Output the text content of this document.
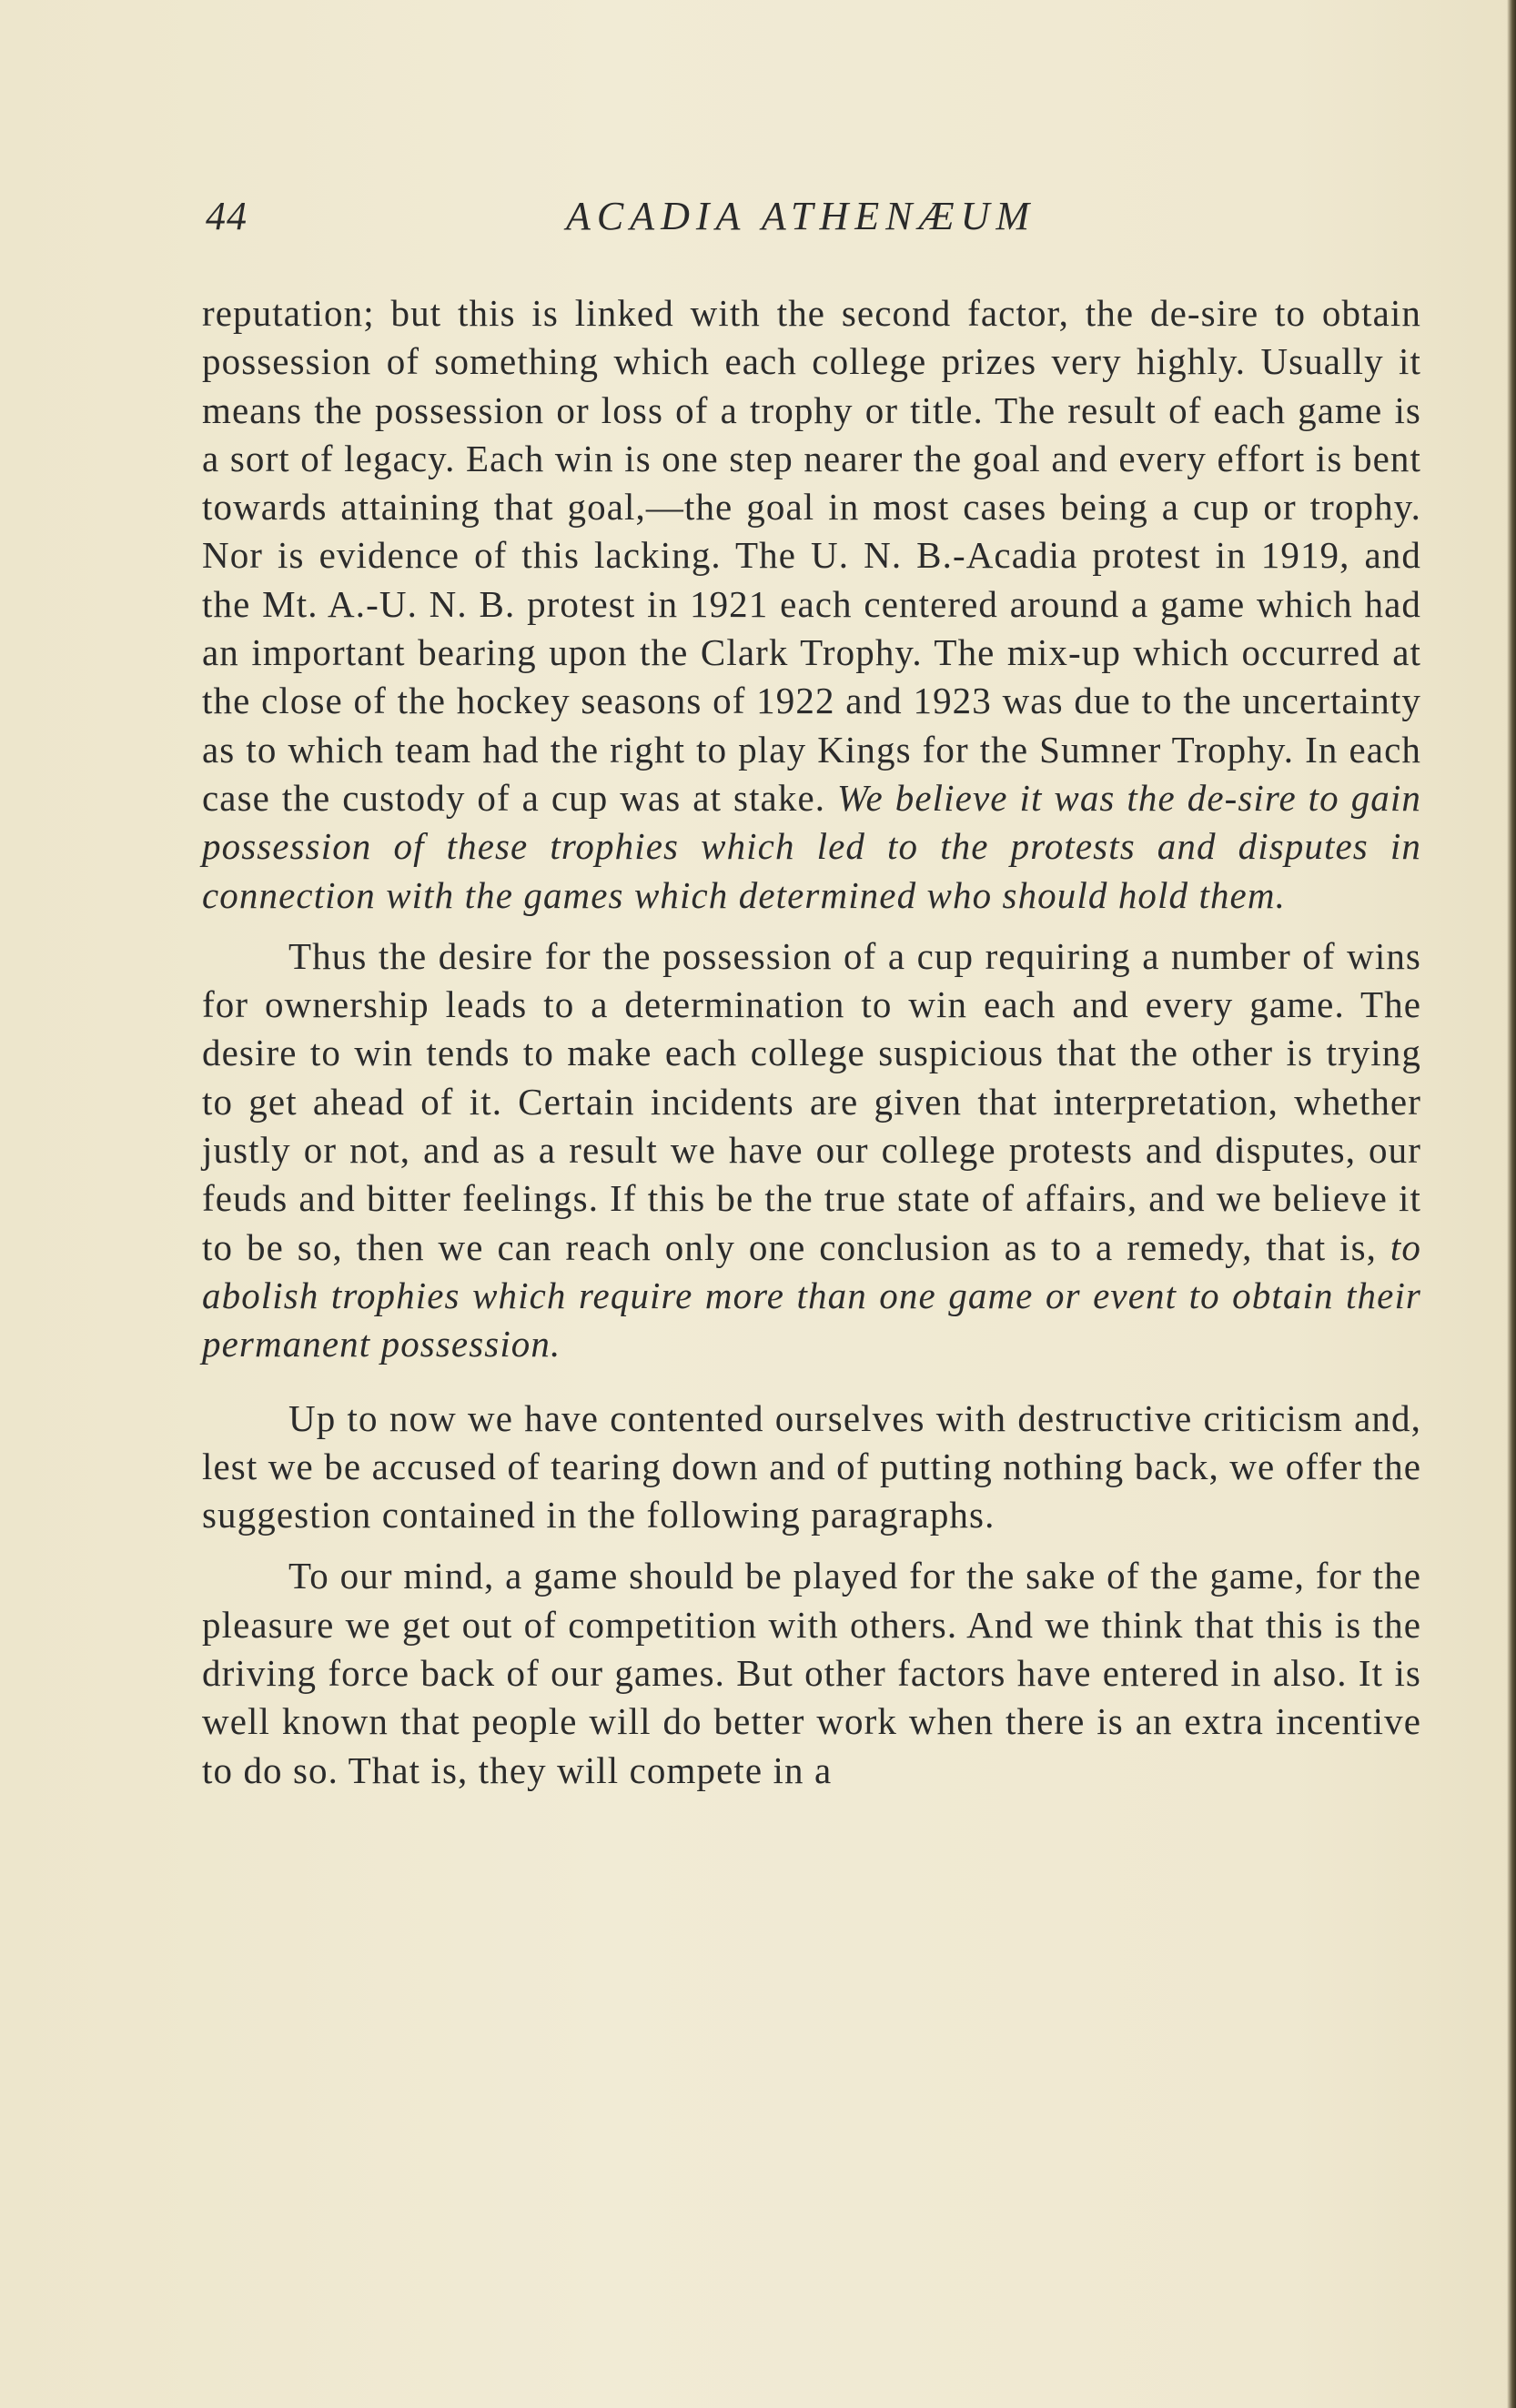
44	ACADIA ATHENÆUM

reputation; but this is linked with the second factor, the de-sire to obtain possession of something which each college prizes very highly. Usually it means the possession or loss of a trophy or title. The result of each game is a sort of legacy. Each win is one step nearer the goal and every effort is bent towards attaining that goal,—the goal in most cases being a cup or trophy. Nor is evidence of this lacking. The U. N. B.-Acadia protest in 1919, and the Mt. A.-U. N. B. protest in 1921 each centered around a game which had an important bearing upon the Clark Trophy. The mix-up which occurred at the close of the hockey seasons of 1922 and 1923 was due to the uncertainty as to which team had the right to play Kings for the Sumner Trophy. In each case the custody of a cup was at stake. We believe it was the de-sire to gain possession of these trophies which led to the protests and disputes in connection with the games which determined who should hold them.

Thus the desire for the possession of a cup requiring a number of wins for ownership leads to a determination to win each and every game. The desire to win tends to make each college suspicious that the other is trying to get ahead of it. Certain incidents are given that interpretation, whether justly or not, and as a result we have our college protests and disputes, our feuds and bitter feelings. If this be the true state of affairs, and we believe it to be so, then we can reach only one conclusion as to a remedy, that is, to abolish trophies which require more than one game or event to obtain their permanent possession.

Up to now we have contented ourselves with destructive criticism and, lest we be accused of tearing down and of putting nothing back, we offer the suggestion contained in the following paragraphs.

To our mind, a game should be played for the sake of the game, for the pleasure we get out of competition with others. And we think that this is the driving force back of our games. But other factors have entered in also. It is well known that people will do better work when there is an extra incentive to do so. That is, they will compete in a
